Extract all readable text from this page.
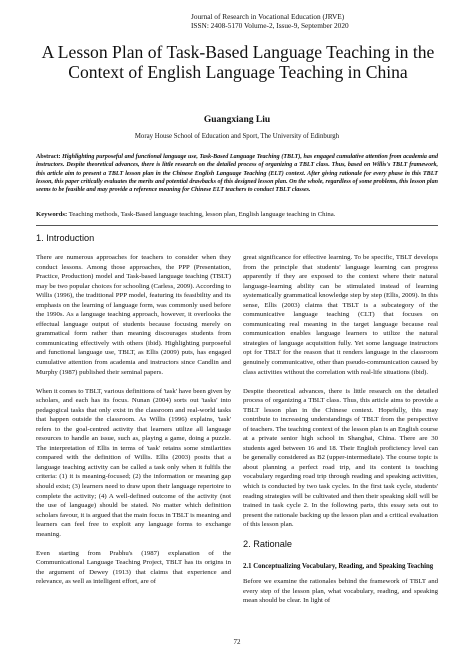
Journal of Research in Vocational Education (JRVE)
ISSN: 2408-5170 Volume-2, Issue-9, September 2020
A Lesson Plan of Task-Based Language Teaching in the Context of English Language Teaching in China
Guangxiang Liu
Moray House School of Education and Sport, The University of Edinburgh
Abstract: Highlighting purposeful and functional language use, Task-Based Language Teaching (TBLT), has engaged cumulative attention from academia and instructors. Despite theoretical advances, there is little research on the detailed process of organizing a TBLT class. Thus, based on Willis's TBLT framework, this article aim to present a TBLT lesson plan in the Chinese English Language Teaching (ELT) context. After giving rationale for every phase in this TBLT lesson, this paper critically evaluates the merits and potential drawbacks of this designed lesson plan. On the whole, regardless of some problems, this lesson plan seems to be feasible and may provide a reference meaning for Chinese ELT teachers to conduct TBLT classes.
Keywords: Teaching methods, Task-Based language teaching, lesson plan, English language teaching in China.
1. Introduction

There are numerous approaches for teachers to consider when they conduct lessons. Among those approaches, the PPP (Presentation, Practice, Production) model and Task-based language teaching (TBLT) may be two popular choices for schooling (Carless, 2009). According to Willis (1996), the traditional PPP model, featuring its feasibility and its emphasis on the learning of language form, was commonly used before the 1990s. As a language teaching approach, however, it overlooks the effectual language output of students because focusing merely on grammatical form rather than meaning discourages students from communicating effectively with others (ibid). Highlighting purposeful and functional language use, TBLT, as Ellis (2009) puts, has engaged cumulative attention from academia and instructors since Candlin and Murphy (1987) published their seminal papers.

When it comes to TBLT, various definitions of 'task' have been given by scholars, and each has its focus. Nunan (2004) sorts out 'tasks' into pedagogical tasks that only exist in the classroom and real-world tasks that happen outside the classroom. As Willis (1996) explains, 'task' refers to the goal-centred activity that learners utilize all language resources to handle an issue, such as, playing a game, doing a puzzle. The interpretation of Ellis in terms of 'task' retains some similarities compared with the definition of Willis. Ellis (2003) posits that a language teaching activity can be called a task only when it fulfils the criteria: (1) it is meaning-focused; (2) the information or meaning gap should exist; (3) learners need to draw upon their language repertoire to complete the activity; (4) A well-defined outcome of the activity (not the use of language) should be stated. No matter which definition scholars favour, it is argued that the main focus in TBLT is meaning and learners can feel free to exploit any language forms to exchange meaning.

Even starting from Prabhu's (1987) explanation of the Communicational Language Teaching Project, TBLT has its origins in the argument of Dewey (1913) that claims that experience and relevance, as well as intelligent effort, are of

great significance for effective learning. To be specific, TBLT develops from the principle that students' language learning can progress apparently if they are exposed to the context where their natural language-learning ability can be stimulated instead of learning systematically grammatical knowledge step by step (Ellis, 2009). In this sense, Ellis (2003) claims that TBLT is a subcategory of the communicative language teaching (CLT) that focuses on communicating real meaning in the target language because real communication enables language learners to utilize the natural strategies of language acquisition fully. Yet some language instructors opt for TBLT for the reason that it renders language in the classroom genuinely communicative, other than pseudo-communication caused by class activities without the correlation with real-life situations (ibid).

Despite theoretical advances, there is little research on the detailed process of organizing a TBLT class. Thus, this article aims to provide a TBLT lesson plan in the Chinese context. Hopefully, this may contribute to increasing understandings of TBLT from the perspective of teachers. The teaching context of the lesson plan is an English course at a private senior high school in Shanghai, China. There are 30 students aged between 16 and 18. Their English proficiency level can be generally considered as B2 (upper-intermediate). The course topic is about planning a perfect road trip, and its content is teaching vocabulary regarding road trip through reading and speaking activities, which is conducted by two task cycles. In the first task cycle, students' reading strategies will be cultivated and then their speaking skill will be trained in task cycle 2. In the following parts, this essay sets out to present the rationale backing up the lesson plan and a critical evaluation of this lesson plan.

2. Rationale
2.1 Conceptualizing Vocabulary, Reading, and Speaking Teaching

Before we examine the rationales behind the framework of TBLT and every step of the lesson plan, what vocabulary, reading, and speaking mean should be clear. In light of

72
